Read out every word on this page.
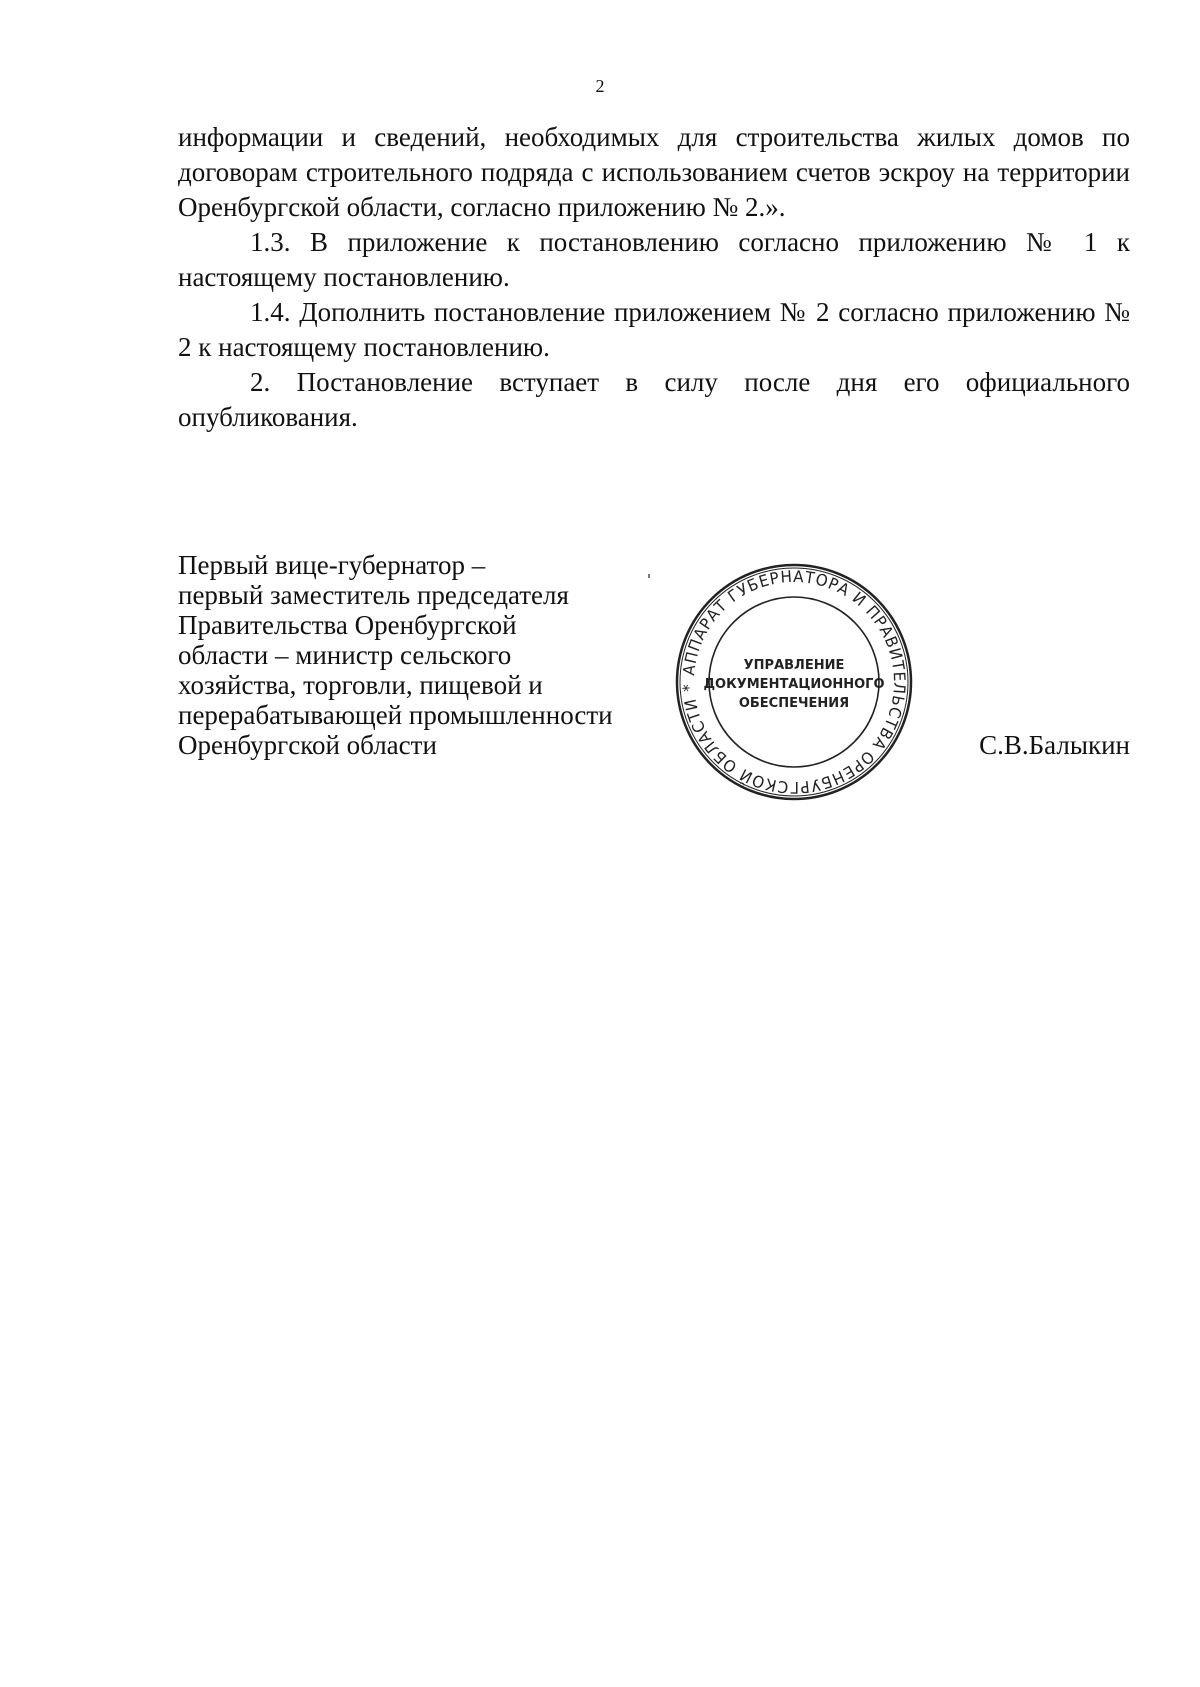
2

информации и сведений, необходимых для строительства жилых домов по договорам строительного подряда с использованием счетов эскроу на территории Оренбургской области, согласно приложению № 2.».

1.3. В приложение к постановлению согласно приложению № 1 к настоящему постановлению.

1.4. Дополнить постановление приложением № 2 согласно приложению № 2 к настоящему постановлению.

2. Постановление вступает в силу после дня его официального опубликования.

Первый вице-губернатор –
первый заместитель председателя
Правительства Оренбургской
области – министр сельского
хозяйства, торговли, пищевой и
перерабатывающей промышленности
Оренбургской области
АППАРАТ ГУБЕРНАТОРА И ПРАВИТЕЛЬСТВА ОРЕНБУРГСКОЙ ОБЛАСТИ *
УПРАВЛЕНИЕ
ДОКУМЕНТАЦИОННОГО
ОБЕСПЕЧЕНИЯ
С.В.Балыкин
